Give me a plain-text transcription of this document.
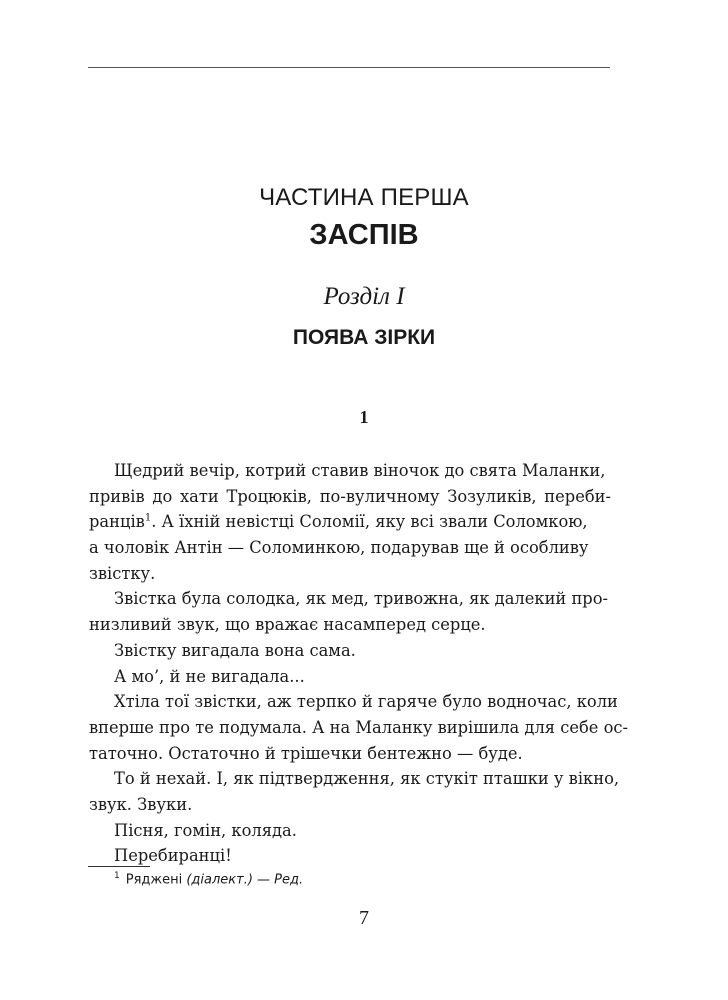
ЧАСТИНА ПЕРША
ЗАСПІВ
Розділ I
ПОЯВА ЗІРКИ
1
Щедрий вечір, котрий ставив віночок до свята Маланки,
привів до хати Троцюків, по-вуличному Зозуликів, переби-
ранців$^1$. А їхній невістці Соломії, яку всі звали Соломкою,
а чоловік Антін — Соломинкою, подарував ще й особливу
звістку.
Звістка була солодка, як мед, тривожна, як далекий про-
низливий звук, що вражає насамперед серце.
Звістку вигадала вона сама.
А мо’, й не вигадала...
Хтіла тої звістки, аж терпко й гаряче було водночас, коли
вперше про те подумала. А на Маланку вирішила для себе ос-
таточно. Остаточно й трішечки бентежно — буде.
То й нехай. І, як підтвердження, як стукіт пташки у вікно,
звук. Звуки.
Пісня, гомін, коляда.
Перебиранці!
$^1$ Ряджені (діалект.) — Ред.
7
